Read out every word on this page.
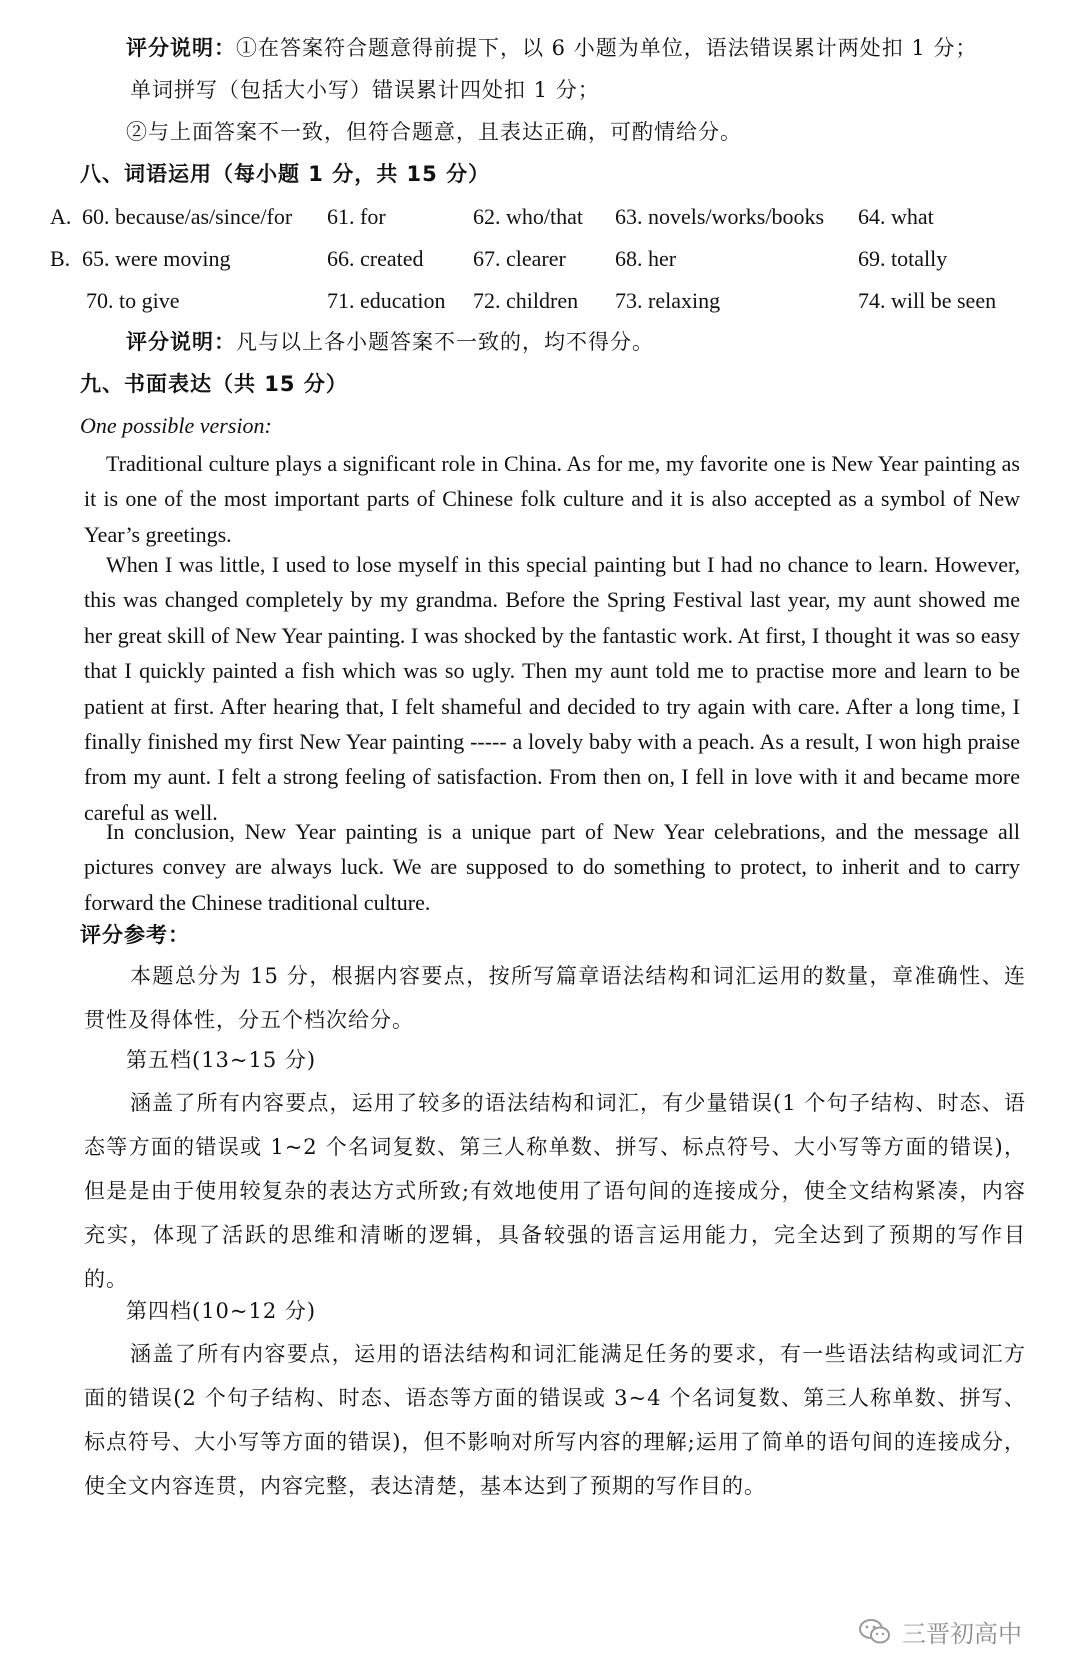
评分说明：①在答案符合题意得前提下，以 6 小题为单位，语法错误累计两处扣 1 分；
单词拼写（包括大小写）错误累计四处扣 1 分；
②与上面答案不一致，但符合题意，且表达正确，可酌情给分。
八、词语运用（每小题 1 分，共 15 分）
A. 60. because/as/since/for 61. for	62. who/that 63. novels/works/books 64. what
B. 65. were moving	66. created 67. clearer 68. her	69. totally
70. to give	71. education 72. children 73. relaxing	74. will be seen
评分说明：凡与以上各小题答案不一致的，均不得分。
九、书面表达（共 15 分）
One possible version:
Traditional culture plays a significant role in China. As for me, my favorite one is New Year painting as it is one of the most important parts of Chinese folk culture and it is also accepted as a symbol of New Year’s greetings.
When I was little, I used to lose myself in this special painting but I had no chance to learn. However, this was changed completely by my grandma. Before the Spring Festival last year, my aunt showed me her great skill of New Year painting. I was shocked by the fantastic work. At first, I thought it was so easy that I quickly painted a fish which was so ugly. Then my aunt told me to practise more and learn to be patient at first. After hearing that, I felt shameful and decided to try again with care. After a long time, I finally finished my first New Year painting ----- a lovely baby with a peach. As a result, I won high praise from my aunt. I felt a strong feeling of satisfaction. From then on, I fell in love with it and became more careful as well.
In conclusion, New Year painting is a unique part of New Year celebrations, and the message all pictures convey are always luck. We are supposed to do something to protect, to inherit and to carry forward the Chinese traditional culture.
评分参考：
本题总分为 15 分，根据内容要点，按所写篇章语法结构和词汇运用的数量，章准确性、连贯性及得体性，分五个档次给分。
第五档(13~15 分)
涵盖了所有内容要点，运用了较多的语法结构和词汇，有少量错误(1 个句子结构、时态、语态等方面的错误或 1~2 个名词复数、第三人称单数、拼写、标点符号、大小写等方面的错误)，但是是由于使用较复杂的表达方式所致;有效地使用了语句间的连接成分，使全文结构紧凑，内容充实，体现了活跃的思维和清晰的逻辑，具备较强的语言运用能力，完全达到了预期的写作目的。
第四档(10~12 分)
涵盖了所有内容要点，运用的语法结构和词汇能满足任务的要求，有一些语法结构或词汇方面的错误(2 个句子结构、时态、语态等方面的错误或 3~4 个名词复数、第三人称单数、拼写、标点符号、大小写等方面的错误)，但不影响对所写内容的理解;运用了简单的语句间的连接成分，使全文内容连贯，内容完整，表达清楚，基本达到了预期的写作目的。
三晋初高中
